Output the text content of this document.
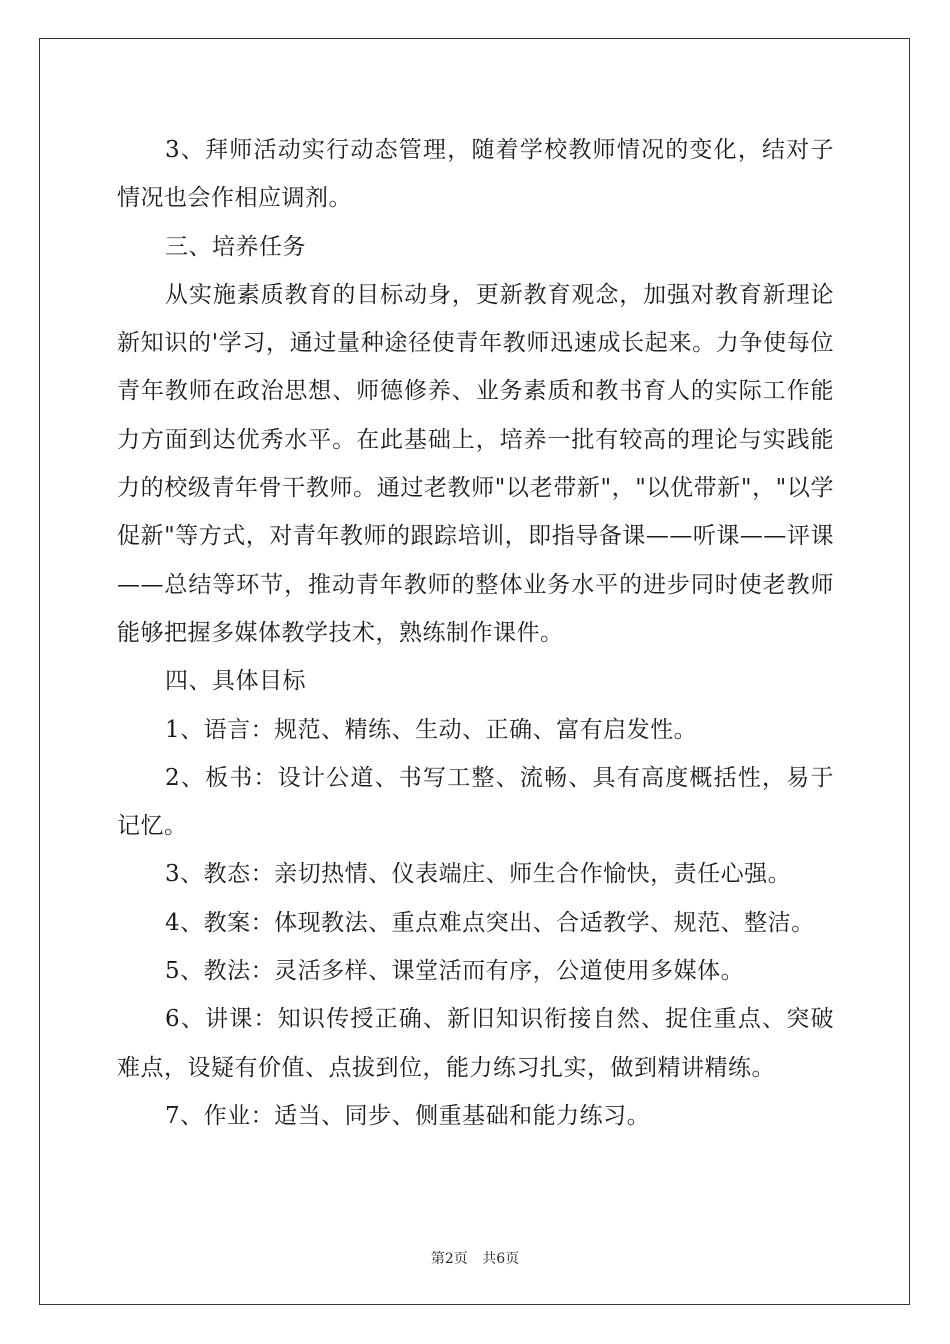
3、拜师活动实行动态管理，随着学校教师情况的变化，结对子情况也会作相应调剂。

三、培养任务

从实施素质教育的目标动身，更新教育观念，加强对教育新理论新知识的'学习，通过量种途径使青年教师迅速成长起来。力争使每位青年教师在政治思想、师德修养、业务素质和教书育人的实际工作能力方面到达优秀水平。在此基础上，培养一批有较高的理论与实践能力的校级青年骨干教师。通过老教师"以老带新"，"以优带新"，"以学促新"等方式，对青年教师的跟踪培训，即指导备课——听课——评课——总结等环节，推动青年教师的整体业务水平的进步同时使老教师能够把握多媒体教学技术，熟练制作课件。

四、具体目标

1、语言：规范、精练、生动、正确、富有启发性。

2、板书：设计公道、书写工整、流畅、具有高度概括性，易于记忆。

3、教态：亲切热情、仪表端庄、师生合作愉快，责任心强。

4、教案：体现教法、重点难点突出、合适教学、规范、整洁。

5、教法：灵活多样、课堂活而有序，公道使用多媒体。

6、讲课：知识传授正确、新旧知识衔接自然、捉住重点、突破难点，设疑有价值、点拔到位，能力练习扎实，做到精讲精练。

7、作业：适当、同步、侧重基础和能力练习。

第2页 共6页
